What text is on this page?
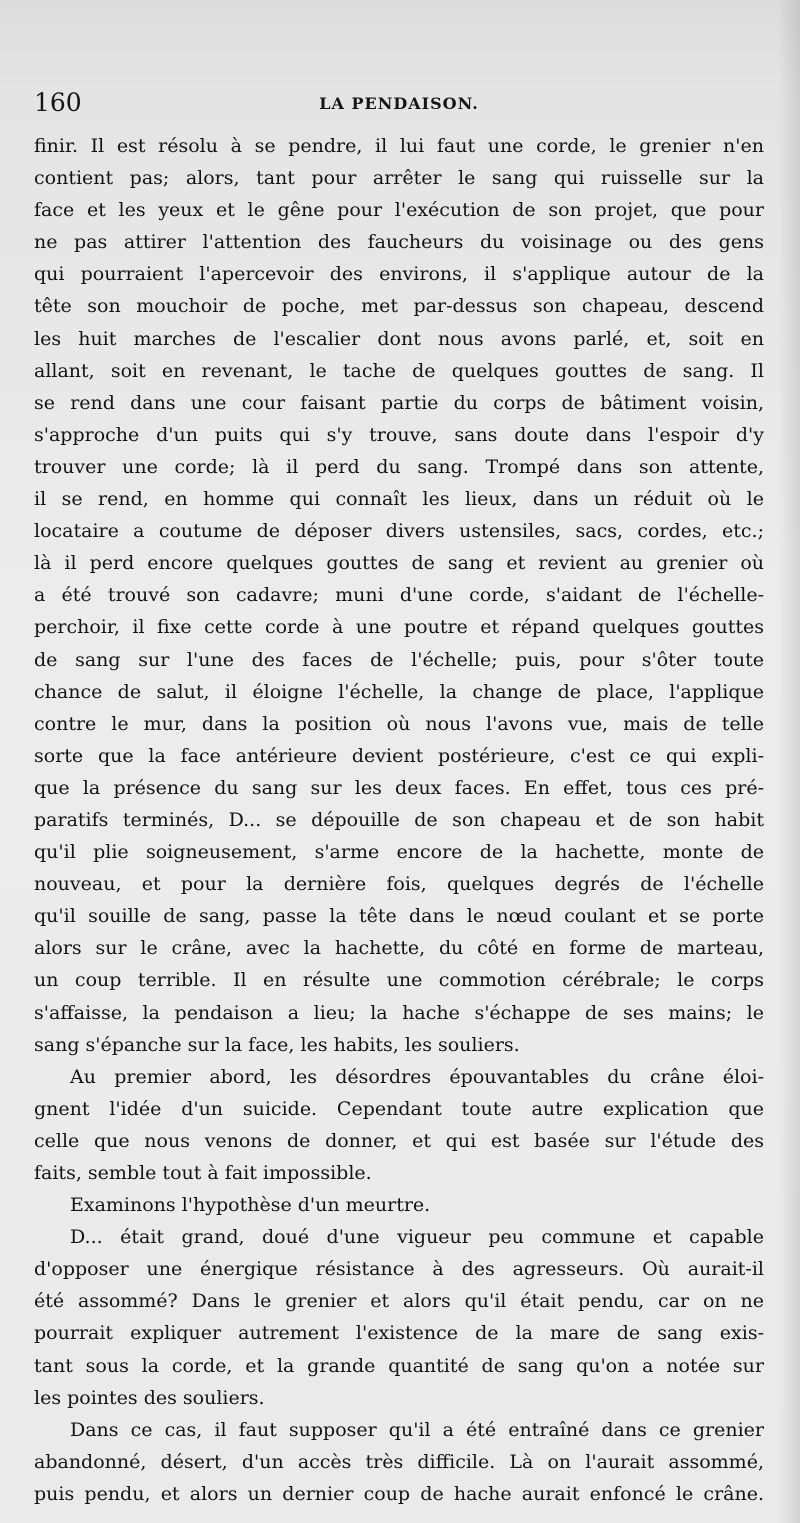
160	LA PENDAISON.
finir. Il est résolu à se pendre, il lui faut une corde, le grenier n'en
contient pas; alors, tant pour arrêter le sang qui ruisselle sur la
face et les yeux et le gêne pour l'exécution de son projet, que pour
ne pas attirer l'attention des faucheurs du voisinage ou des gens
qui pourraient l'apercevoir des environs, il s'applique autour de la
tête son mouchoir de poche, met par-dessus son chapeau, descend
les huit marches de l'escalier dont nous avons parlé, et, soit en
allant, soit en revenant, le tache de quelques gouttes de sang. Il
se rend dans une cour faisant partie du corps de bâtiment voisin,
s'approche d'un puits qui s'y trouve, sans doute dans l'espoir d'y
trouver une corde; là il perd du sang. Trompé dans son attente,
il se rend, en homme qui connaît les lieux, dans un réduit où le
locataire a coutume de déposer divers ustensiles, sacs, cordes, etc.;
là il perd encore quelques gouttes de sang et revient au grenier où
a été trouvé son cadavre; muni d'une corde, s'aidant de l'échelle-
perchoir, il fixe cette corde à une poutre et répand quelques gouttes
de sang sur l'une des faces de l'échelle; puis, pour s'ôter toute
chance de salut, il éloigne l'échelle, la change de place, l'applique
contre le mur, dans la position où nous l'avons vue, mais de telle
sorte que la face antérieure devient postérieure, c'est ce qui expli-
que la présence du sang sur les deux faces. En effet, tous ces pré-
paratifs terminés, D... se dépouille de son chapeau et de son habit
qu'il plie soigneusement, s'arme encore de la hachette, monte de
nouveau, et pour la dernière fois, quelques degrés de l'échelle
qu'il souille de sang, passe la tête dans le nœud coulant et se porte
alors sur le crâne, avec la hachette, du côté en forme de marteau,
un coup terrible. Il en résulte une commotion cérébrale; le corps
s'affaisse, la pendaison a lieu; la hache s'échappe de ses mains; le
sang s'épanche sur la face, les habits, les souliers.
Au premier abord, les désordres épouvantables du crâne éloi-
gnent l'idée d'un suicide. Cependant toute autre explication que
celle que nous venons de donner, et qui est basée sur l'étude des
faits, semble tout à fait impossible.
Examinons l'hypothèse d'un meurtre.
D... était grand, doué d'une vigueur peu commune et capable
d'opposer une énergique résistance à des agresseurs. Où aurait-il
été assommé? Dans le grenier et alors qu'il était pendu, car on ne
pourrait expliquer autrement l'existence de la mare de sang exis-
tant sous la corde, et la grande quantité de sang qu'on a notée sur
les pointes des souliers.
Dans ce cas, il faut supposer qu'il a été entraîné dans ce grenier
abandonné, désert, d'un accès très difficile. Là on l'aurait assommé,
puis pendu, et alors un dernier coup de hache aurait enfoncé le crâne.
